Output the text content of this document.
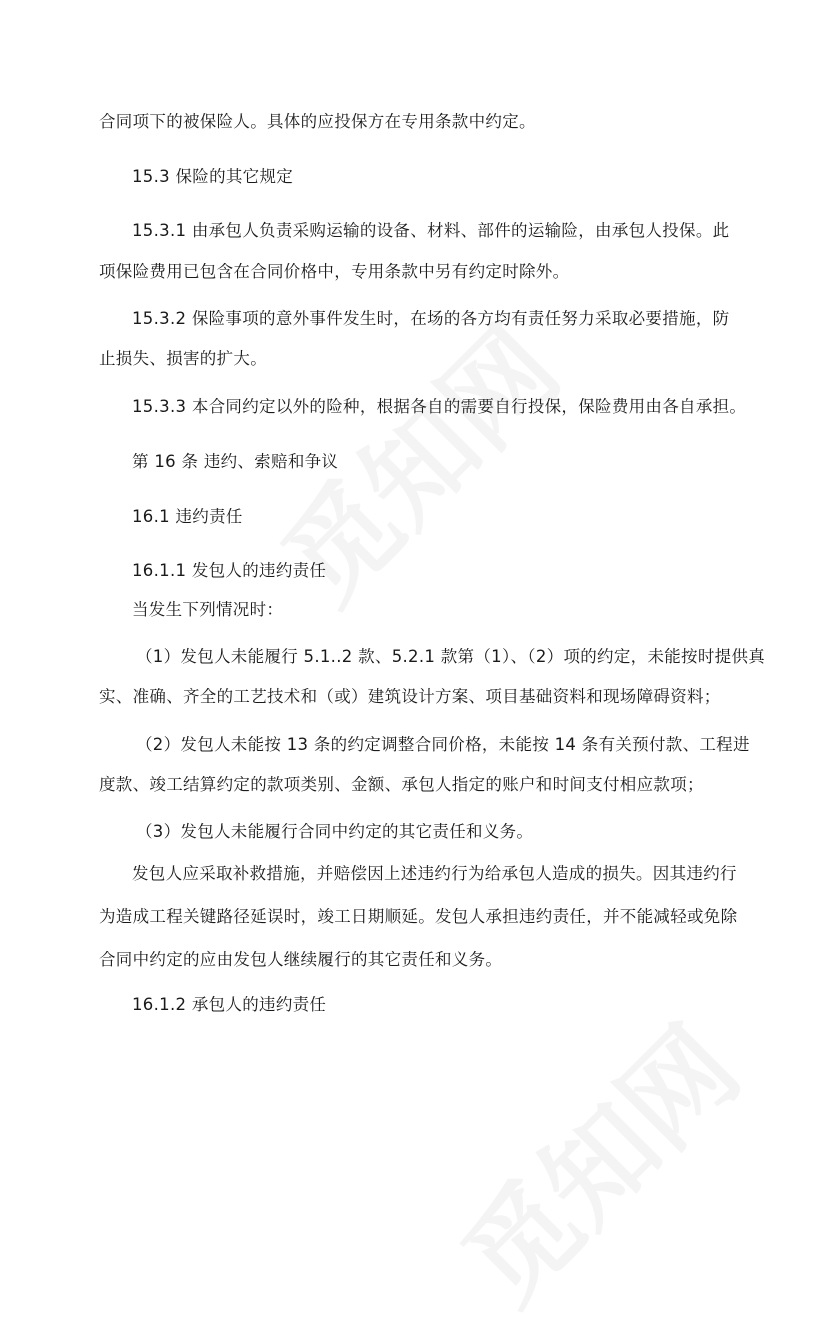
合同项下的被保险人。具体的应投保方在专用条款中约定。
15.3 保险的其它规定
15.3.1 由承包人负责采购运输的设备、材料、部件的运输险，由承包人投保。此
项保险费用已包含在合同价格中，专用条款中另有约定时除外。
15.3.2 保险事项的意外事件发生时，在场的各方均有责任努力采取必要措施，防
止损失、损害的扩大。
15.3.3 本合同约定以外的险种，根据各自的需要自行投保，保险费用由各自承担。
第 16 条 违约、索赔和争议
16.1 违约责任
16.1.1 发包人的违约责任
当发生下列情况时：
（1）发包人未能履行 5.1..2 款、5.2.1 款第（1）、（2）项的约定，未能按时提供真
实、准确、齐全的工艺技术和（或）建筑设计方案、项目基础资料和现场障碍资料；
（2）发包人未能按 13 条的约定调整合同价格，未能按 14 条有关预付款、工程进
度款、竣工结算约定的款项类别、金额、承包人指定的账户和时间支付相应款项；
（3）发包人未能履行合同中约定的其它责任和义务。
发包人应采取补救措施，并赔偿因上述违约行为给承包人造成的损失。因其违约行
为造成工程关键路径延误时，竣工日期顺延。发包人承担违约责任，并不能减轻或免除
合同中约定的应由发包人继续履行的其它责任和义务。
16.1.2 承包人的违约责任
